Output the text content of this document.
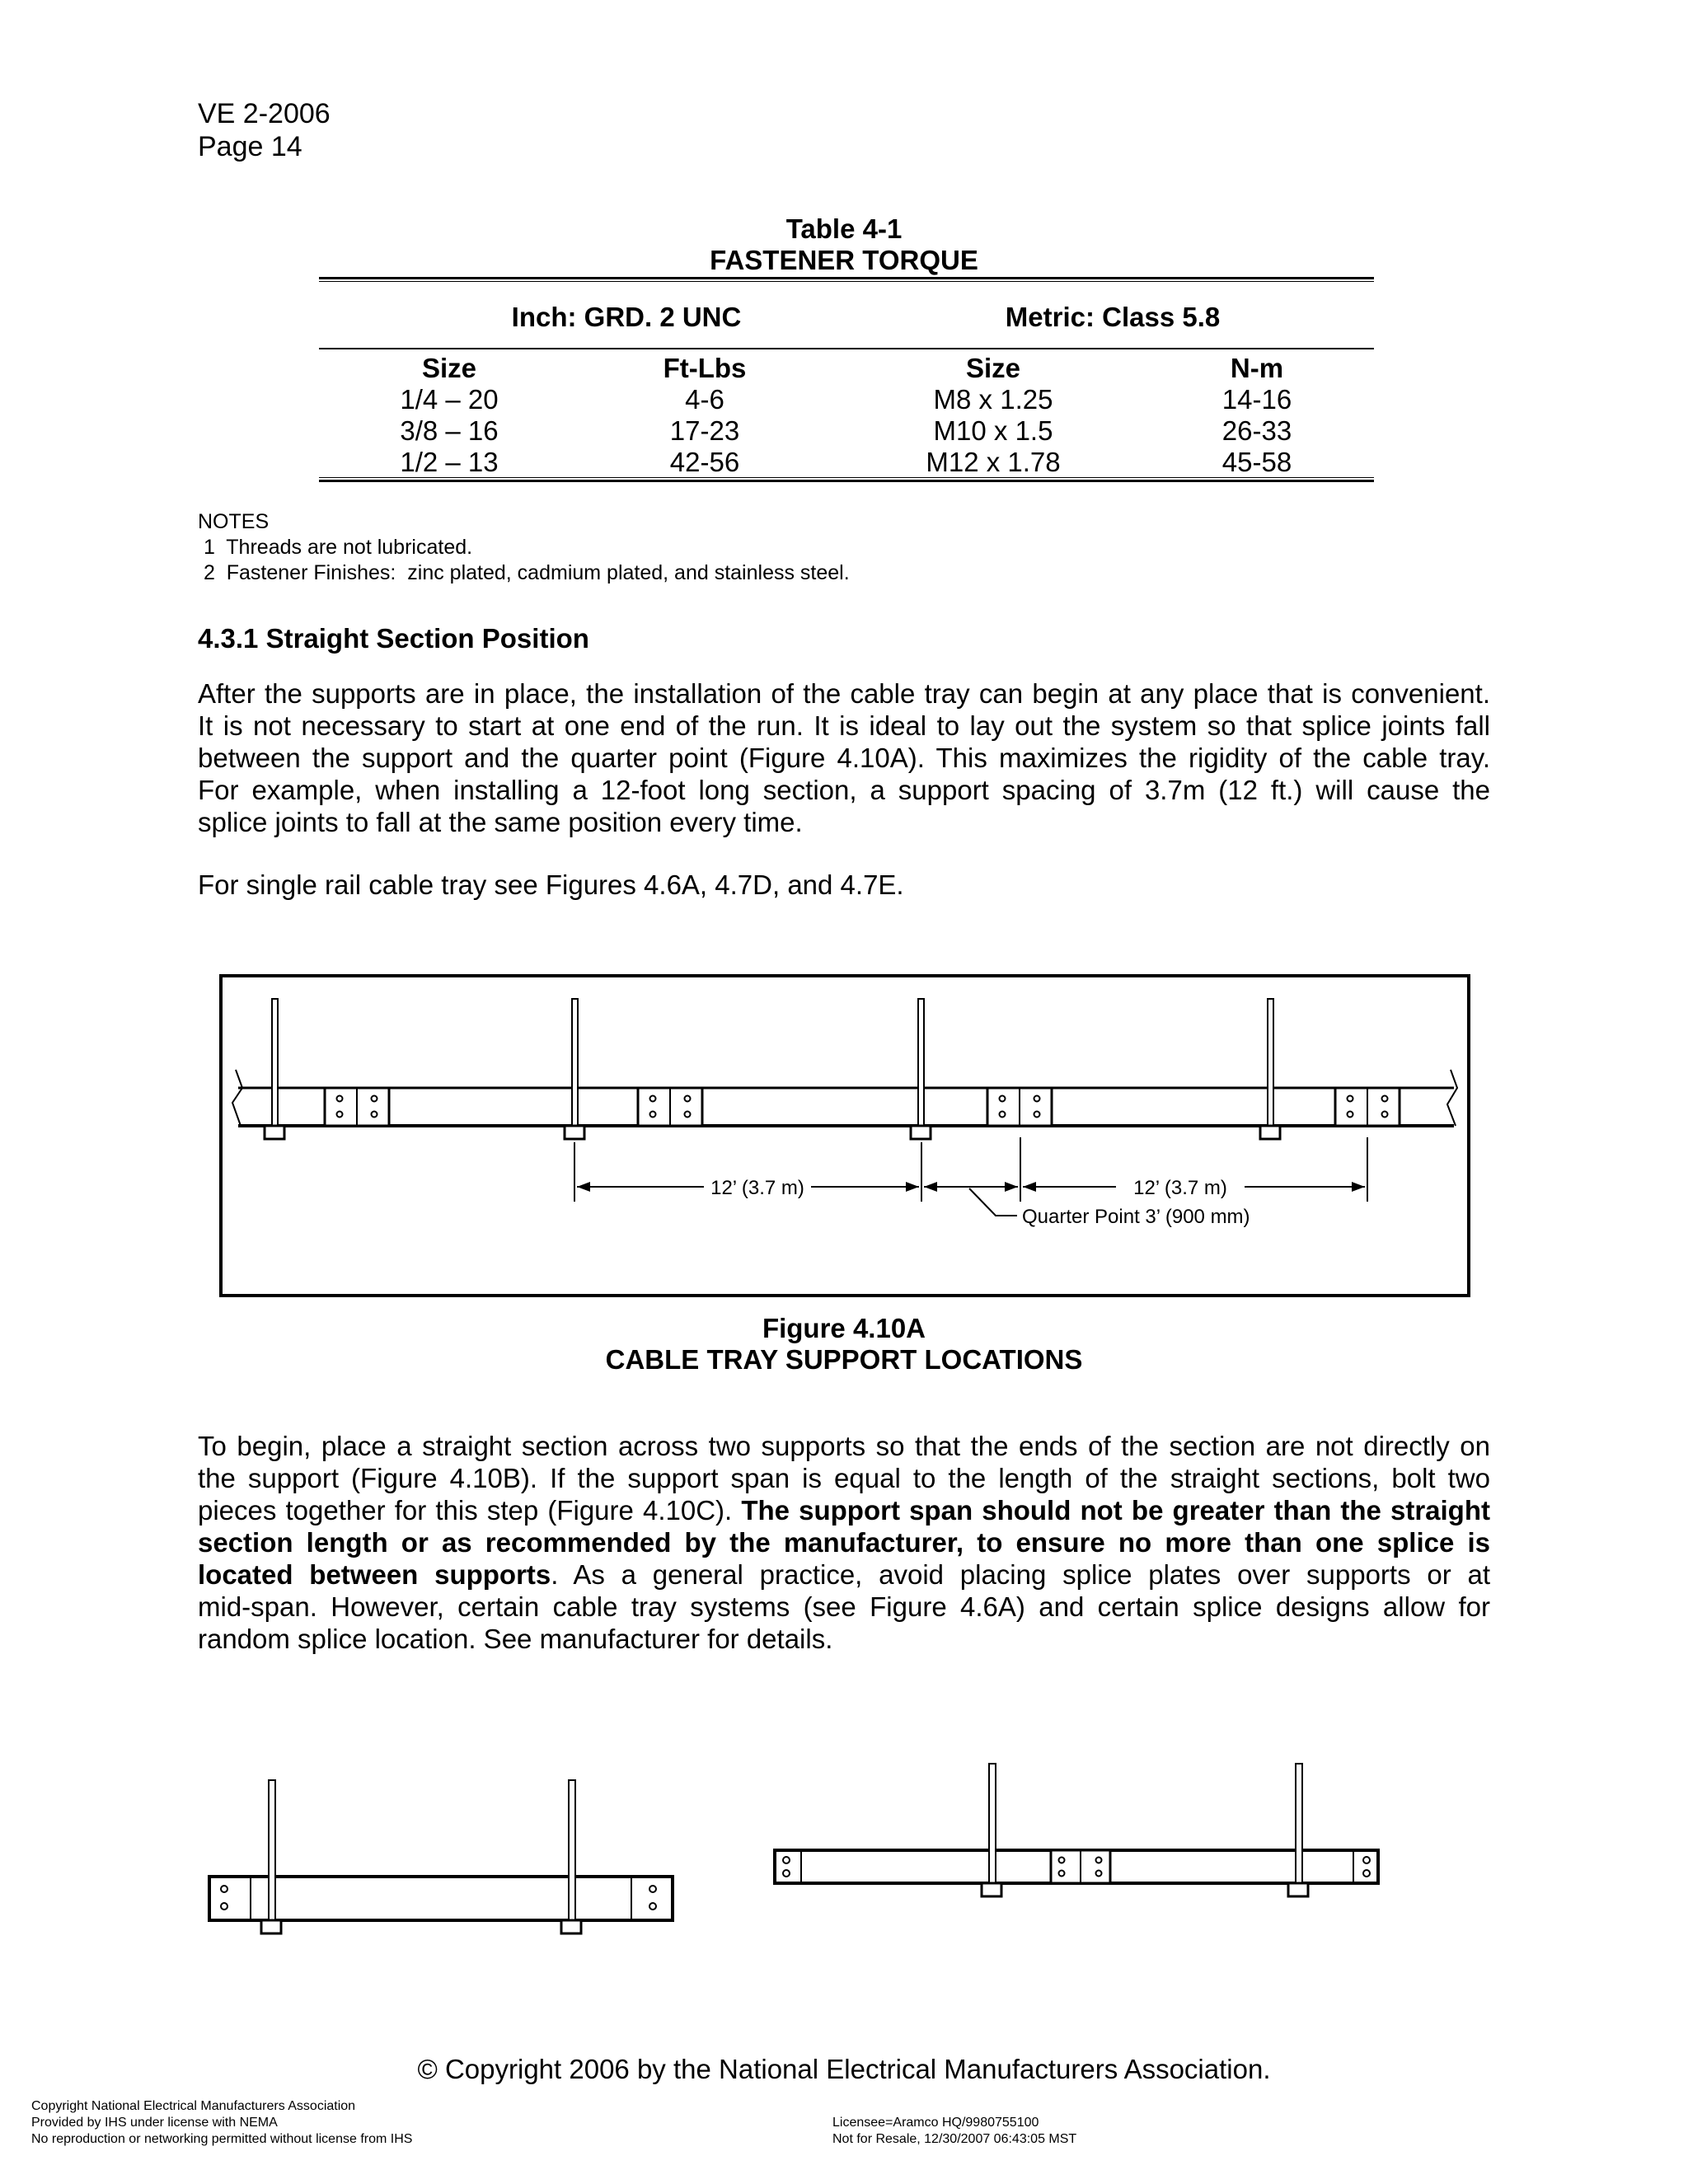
VE 2-2006
Page 14
Table 4-1
FASTENER TORQUE
Inch: GRD. 2 UNC	Metric: Class 5.8
Size	Ft-Lbs	Size	N-m
1/4 – 20	4-6	M8 x 1.25	14-16
3/8 – 16	17-23	M10 x 1.5	26-33
1/2 – 13	42-56	M12 x 1.78	45-58
NOTES
1  Threads are not lubricated.
2  Fastener Finishes:  zinc plated, cadmium plated, and stainless steel.
4.3.1 Straight Section Position
After the supports are in place, the installation of the cable tray can begin at any place that is convenient.
It is not necessary to start at one end of the run. It is ideal to lay out the system so that splice joints fall
between the support and the quarter point (Figure 4.10A). This maximizes the rigidity of the cable tray.
For example, when installing a 12-foot long section, a support spacing of 3.7m (12 ft.) will cause the
splice joints to fall at the same position every time.
For single rail cable tray see Figures 4.6A, 4.7D, and 4.7E.
12’ (3.7 m)	12’ (3.7 m)
Quarter Point 3’ (900 mm)
Figure 4.10A
CABLE TRAY SUPPORT LOCATIONS
To begin, place a straight section across two supports so that the ends of the section are not directly on
the support (Figure 4.10B). If the support span is equal to the length of the straight sections, bolt two
pieces together for this step (Figure 4.10C). The support span should not be greater than the straight
section length or as recommended by the manufacturer, to ensure no more than one splice is
located between supports. As a general practice, avoid placing splice plates over supports or at
mid-span. However, certain cable tray systems (see Figure 4.6A) and certain splice designs allow for
random splice location. See manufacturer for details.
© Copyright 2006 by the National Electrical Manufacturers Association.
Copyright National Electrical Manufacturers Association
Provided by IHS under license with NEMA
No reproduction or networking permitted without license from IHS
Licensee=Aramco HQ/9980755100
Not for Resale, 12/30/2007 06:43:05 MST
